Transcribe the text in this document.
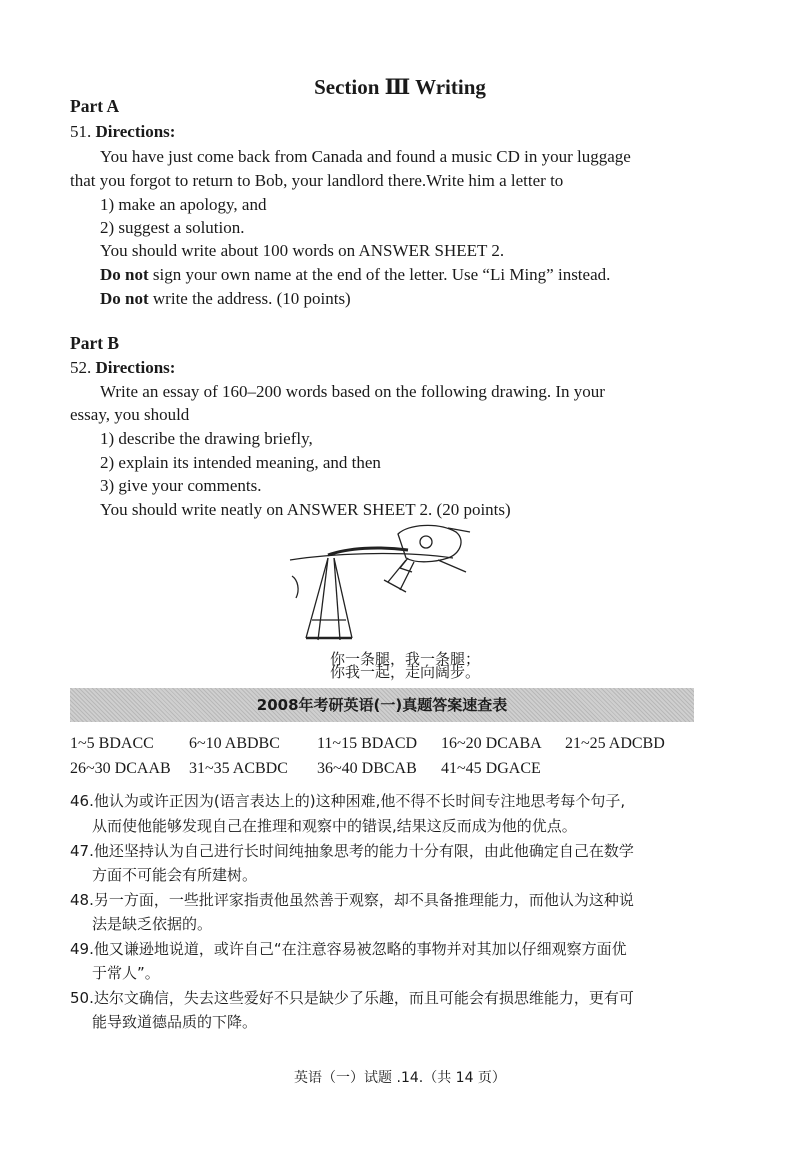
Section Ⅲ Writing
Part A
51. Directions:
You have just come back from Canada and found a music CD in your luggage
that you forgot to return to Bob, your landlord there.Write him a letter to
1) make an apology, and
2) suggest a solution.
You should write about 100 words on ANSWER SHEET 2.
Do not sign your own name at the end of the letter. Use “Li Ming” instead.
Do not write the address. (10 points)
Part B
52. Directions:
Write an essay of 160–200 words based on the following drawing. In your
essay, you should
1) describe the drawing briefly,
2) explain its intended meaning, and then
3) give your comments.
You should write neatly on ANSWER SHEET 2. (20 points)
你一条腿，我一条腿；
你我一起，走向阔步。
2008年考研英语(一)真题答案速查表
1~5 BDACC 6~10 ABDBC 11~15 BDACD 16~20 DCABA 21~25 ADCBD
26~30 DCAAB 31~35 ACBDC 36~40 DBCAB 41~45 DGACE
46.他认为或许正因为(语言表达上的)这种困难,他不得不长时间专注地思考每个句子,
从而使他能够发现自己在推理和观察中的错误,结果这反而成为他的优点。
47.他还坚持认为自己进行长时间纯抽象思考的能力十分有限，由此他确定自己在数学
方面不可能会有所建树。
48.另一方面，一些批评家指责他虽然善于观察，却不具备推理能力，而他认为这种说
法是缺乏依据的。
49.他又谦逊地说道，或许自己“在注意容易被忽略的事物并对其加以仔细观察方面优
于常人”。
50.达尔文确信，失去这些爱好不只是缺少了乐趣，而且可能会有损思维能力，更有可
能导致道德品质的下降。
英语（一）试题 .14.（共 14 页）
